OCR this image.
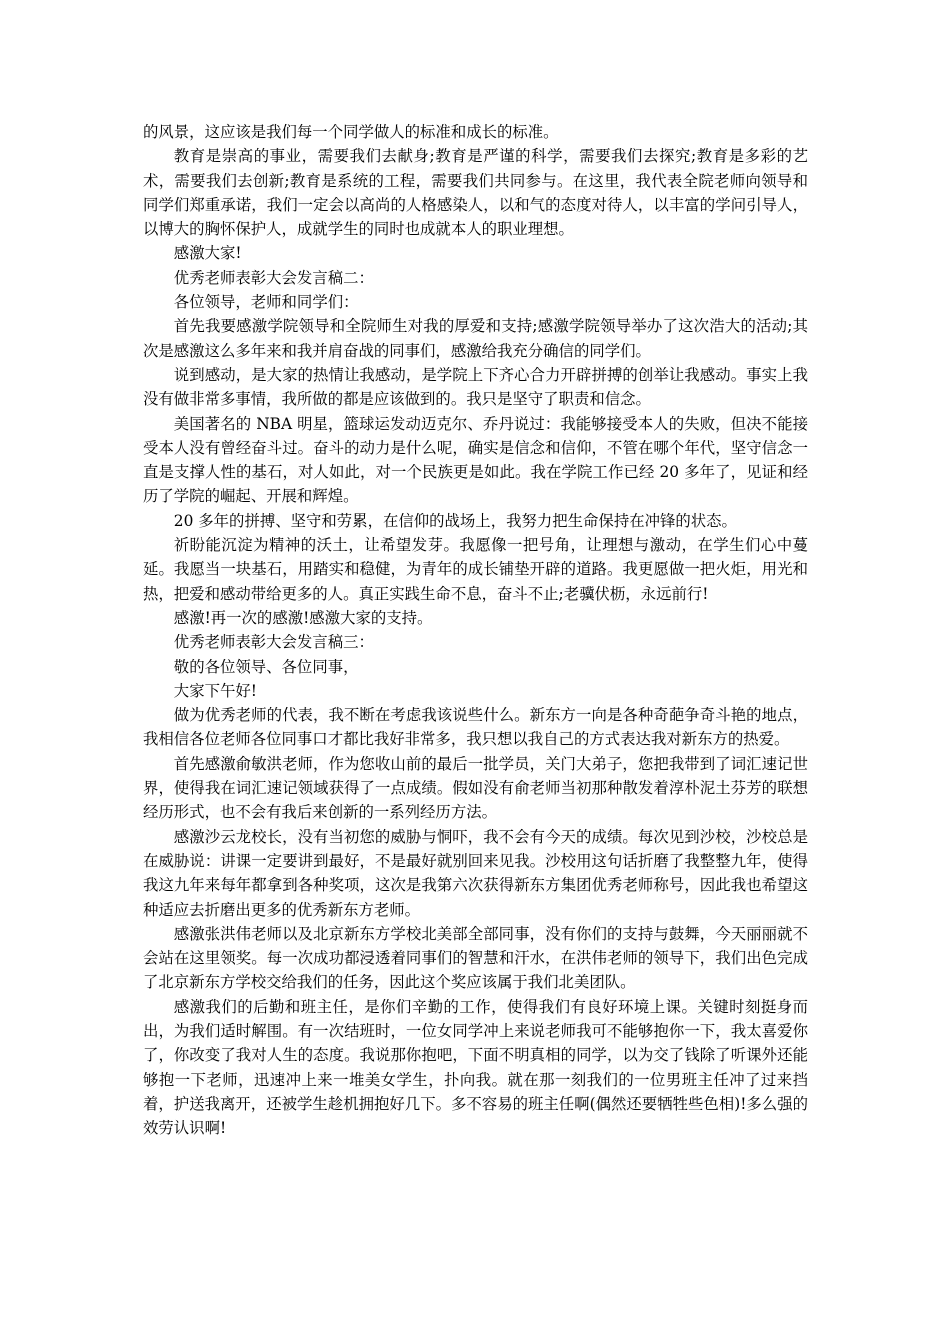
的风景，这应该是我们每一个同学做人的标准和成长的标准。

教育是崇高的事业，需要我们去献身;教育是严谨的科学，需要我们去探究;教育是多彩的艺术，需要我们去创新;教育是系统的工程，需要我们共同参与。在这里，我代表全院老师向领导和同学们郑重承诺，我们一定会以高尚的人格感染人，以和气的态度对待人，以丰富的学问引导人，以博大的胸怀保护人，成就学生的同时也成就本人的职业理想。

感激大家!

优秀老师表彰大会发言稿二：

各位领导，老师和同学们：

首先我要感激学院领导和全院师生对我的厚爱和支持;感激学院领导举办了这次浩大的活动;其次是感激这么多年来和我并肩奋战的同事们，感激给我充分确信的同学们。

说到感动，是大家的热情让我感动，是学院上下齐心合力开辟拼搏的创举让我感动。事实上我没有做非常多事情，我所做的都是应该做到的。我只是坚守了职责和信念。

美国著名的 NBA 明星，篮球运发动迈克尔、乔丹说过：我能够接受本人的失败，但决不能接受本人没有曾经奋斗过。奋斗的动力是什么呢，确实是信念和信仰，不管在哪个年代，坚守信念一直是支撑人性的基石，对人如此，对一个民族更是如此。我在学院工作已经 20 多年了，见证和经历了学院的崛起、开展和辉煌。

20 多年的拼搏、坚守和劳累，在信仰的战场上，我努力把生命保持在冲锋的状态。

祈盼能沉淀为精神的沃土，让希望发芽。我愿像一把号角，让理想与激动，在学生们心中蔓延。我愿当一块基石，用踏实和稳健，为青年的成长铺垫开辟的道路。我更愿做一把火炬，用光和热，把爱和感动带给更多的人。真正实践生命不息，奋斗不止;老骥伏枥，永远前行!

感激!再一次的感激!感激大家的支持。

优秀老师表彰大会发言稿三：

敬的各位领导、各位同事，

大家下午好!

做为优秀老师的代表，我不断在考虑我该说些什么。新东方一向是各种奇葩争奇斗艳的地点，我相信各位老师各位同事口才都比我好非常多，我只想以我自己的方式表达我对新东方的热爱。

首先感激俞敏洪老师，作为您收山前的最后一批学员，关门大弟子，您把我带到了词汇速记世界，使得我在词汇速记领域获得了一点成绩。假如没有俞老师当初那种散发着淳朴泥土芬芳的联想经历形式，也不会有我后来创新的一系列经历方法。

感激沙云龙校长，没有当初您的威胁与恫吓，我不会有今天的成绩。每次见到沙校，沙校总是在威胁说：讲课一定要讲到最好，不是最好就别回来见我。沙校用这句话折磨了我整整九年，使得我这九年来每年都拿到各种奖项，这次是我第六次获得新东方集团优秀老师称号，因此我也希望这种适应去折磨出更多的优秀新东方老师。

感激张洪伟老师以及北京新东方学校北美部全部同事，没有你们的支持与鼓舞，今天丽丽就不会站在这里领奖。每一次成功都浸透着同事们的智慧和汗水，在洪伟老师的领导下，我们出色完成了北京新东方学校交给我们的任务，因此这个奖应该属于我们北美团队。

感激我们的后勤和班主任，是你们辛勤的工作，使得我们有良好环境上课。关键时刻挺身而出，为我们适时解围。有一次结班时，一位女同学冲上来说老师我可不能够抱你一下，我太喜爱你了，你改变了我对人生的态度。我说那你抱吧，下面不明真相的同学，以为交了钱除了听课外还能够抱一下老师，迅速冲上来一堆美女学生，扑向我。就在那一刻我们的一位男班主任冲了过来挡着，护送我离开，还被学生趁机拥抱好几下。多不容易的班主任啊(偶然还要牺牲些色相)!多么强的效劳认识啊!
